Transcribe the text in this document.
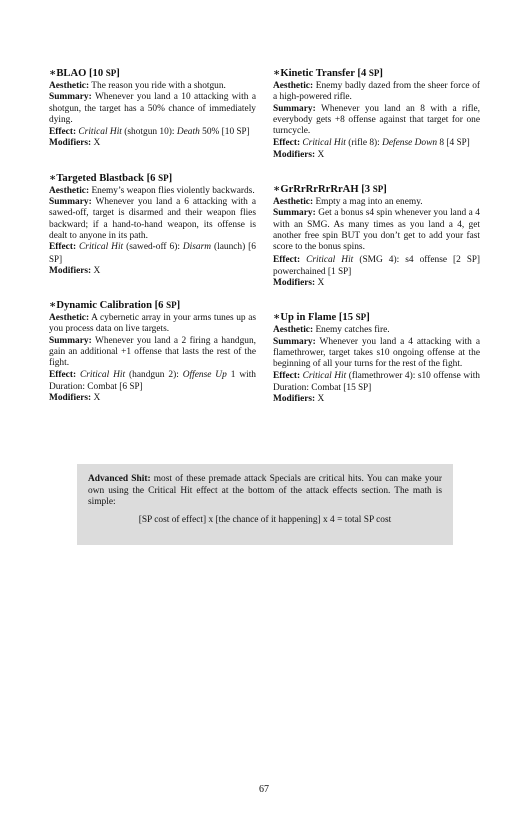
∗BLAO [10 SP]

Aesthetic: The reason you ride with a shotgun.

Summary: Whenever you land a 10 attacking with a shotgun, the target has a 50% chance of immediately dying.

Effect: Critical Hit (shotgun 10): Death 50% [10 SP]

Modifiers: X

∗Targeted Blastback [6 SP]

Aesthetic: Enemy’s weapon flies violently backwards.

Summary: Whenever you land a 6 attacking with a sawed-off, target is disarmed and their weapon flies backward; if a hand-to-hand weapon, its offense is dealt to anyone in its path.

Effect: Critical Hit (sawed-off 6): Disarm (launch) [6 SP]

Modifiers: X

∗Dynamic Calibration [6 SP]

Aesthetic: A cybernetic array in your arms tunes up as you process data on live targets.

Summary: Whenever you land a 2 firing a handgun, gain an additional +1 offense that lasts the rest of the fight.

Effect: Critical Hit (handgun 2): Offense Up 1 with Duration: Combat [6 SP]

Modifiers: X

∗Kinetic Transfer [4 SP]

Aesthetic: Enemy badly dazed from the sheer force of a high-powered rifle.

Summary: Whenever you land an 8 with a rifle, everybody gets +8 offense against that target for one turncycle.

Effect: Critical Hit (rifle 8): Defense Down 8 [4 SP]

Modifiers: X

∗GrRrRrRrRrAH [3 SP]

Aesthetic: Empty a mag into an enemy.

Summary: Get a bonus s4 spin whenever you land a 4 with an SMG. As many times as you land a 4, get another free spin BUT you don’t get to add your fast score to the bonus spins.

Effect: Critical Hit (SMG 4): s4 offense [2 SP] powerchained [1 SP]

Modifiers: X

∗Up in Flame [15 SP]

Aesthetic: Enemy catches fire.

Summary: Whenever you land a 4 attacking with a flamethrower, target takes s10 ongoing offense at the beginning of all your turns for the rest of the fight.

Effect: Critical Hit (flamethrower 4): s10 offense with Duration: Combat [15 SP]

Modifiers: X

Advanced Shit: most of these premade attack Specials are critical hits. You can make your own using the Critical Hit effect at the bottom of the attack effects section. The math is simple:
[SP cost of effect] x [the chance of it happening] x 4 = total SP cost
67
